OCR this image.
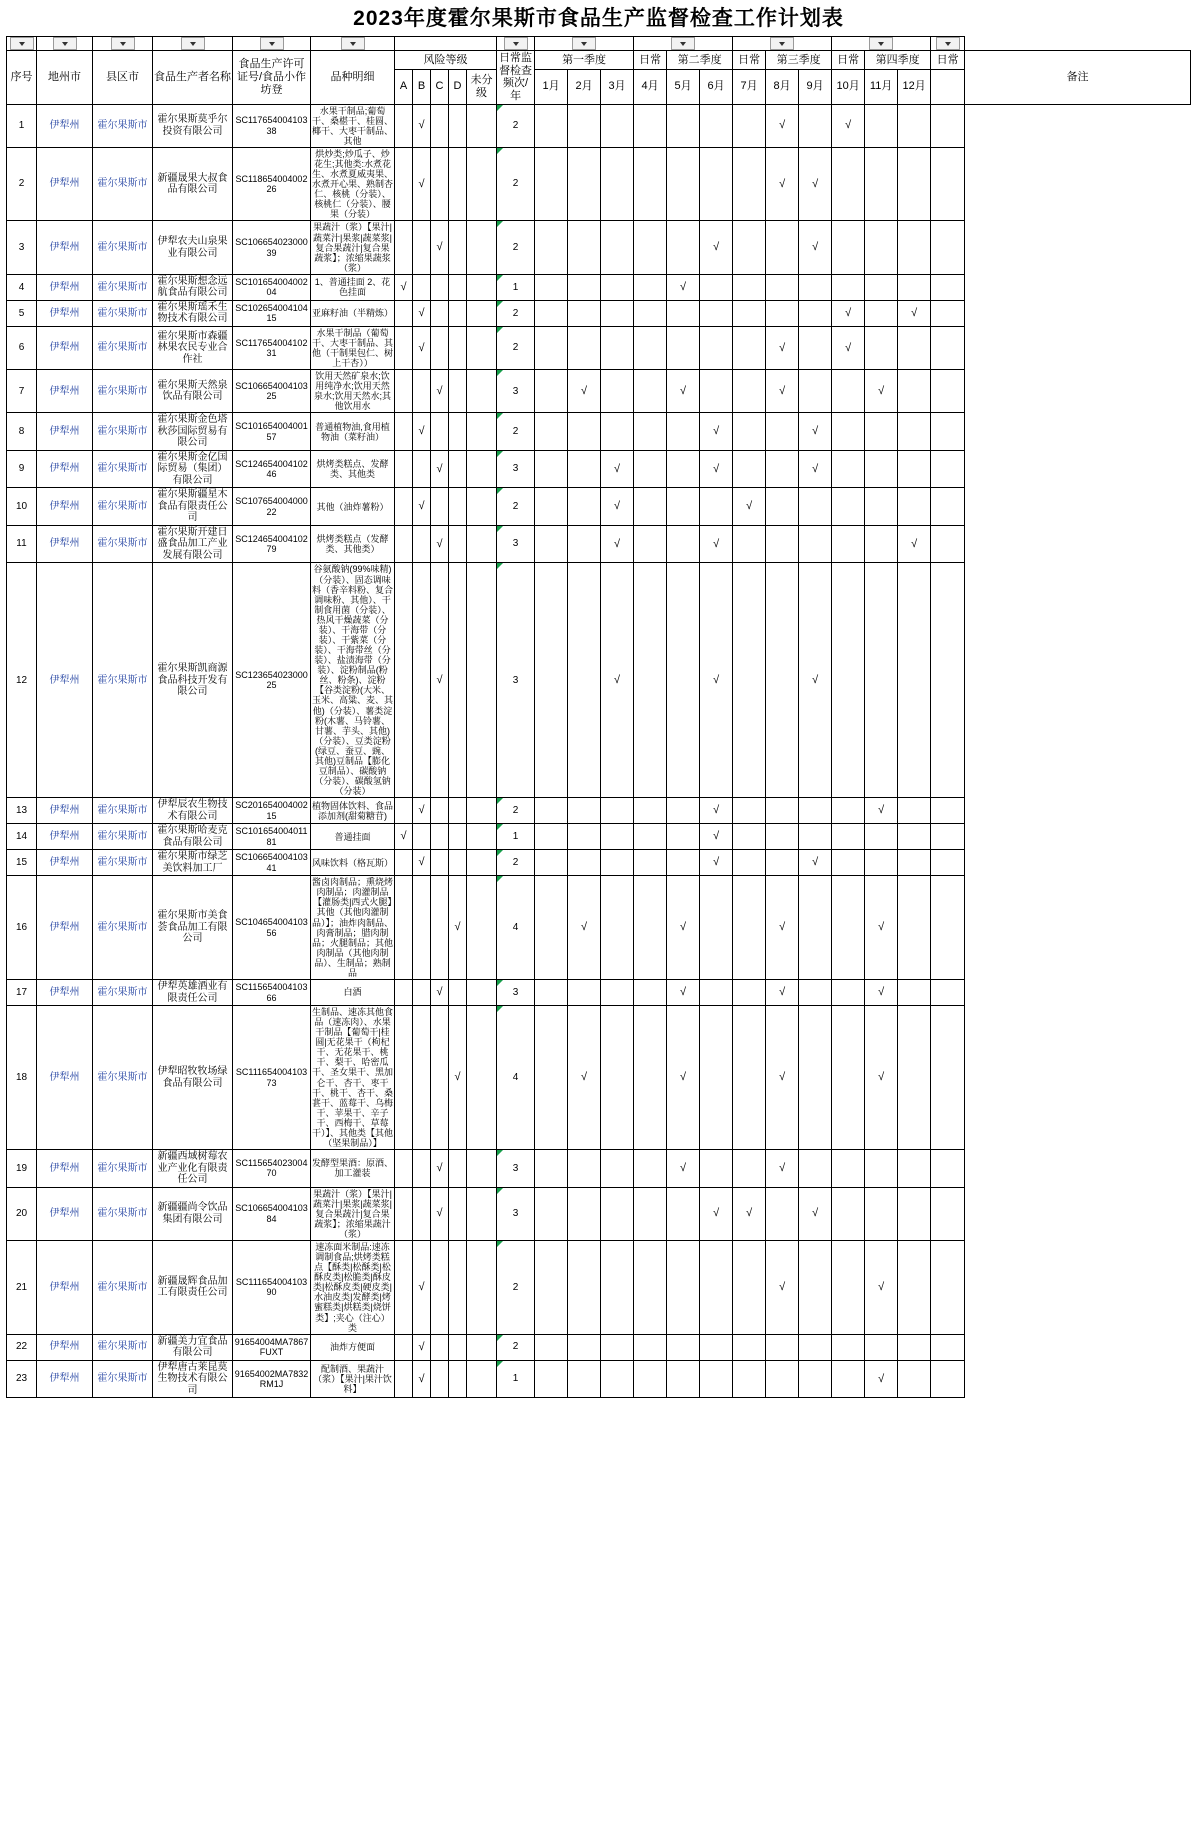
2023年度霍尔果斯市食品生产监督检查工作计划表

序号	地州市	县区市	食品生产者名称	食品生产许可证号/食品小作坊登	品种明细	风险等级					日常监督检查频次/年	第一季度			日常	第二季度		日常	第三季度		日常	第四季度		日常	备注
						A	B	C	D	未分级		1月	2月	3月	4月	5月	6月	7月	8月	9月	10月	11月	12月		
1	伊犁州	霍尔果斯市	霍尔果斯莫乎尔投资有限公司	SC11765400410338	水果干制品;葡萄干、桑椹干、桂圆、椰干、大枣干制品、其他		√				2								√		√				
2	伊犁州	霍尔果斯市	新疆晟果大叔食品有限公司	SC11865400400226	烘炒类;炒瓜子、炒花生;其他类:水煮花生、水煮夏威夷果、水煮开心果、熟制杏仁、核桃（分装）、核桃仁（分装）、腰果（分装）		√				2								√	√					
3	伊犁州	霍尔果斯市	伊犁农夫山泉果业有限公司	SC10665402300039	果蔬汁（浆）【果汁|蔬菜汁|果浆|蔬菜浆|复合果蔬汁|复合果蔬浆】；浓缩果蔬浆（浆）			√			2						√			√					
4	伊犁州	霍尔果斯市	霍尔果斯想念远航食品有限公司	SC10165400400204	1、普通挂面 2、花色挂面	√					1					√									
5	伊犁州	霍尔果斯市	霍尔果斯瑶禾生物技术有限公司	SC10265400410415	亚麻籽油（半精炼）		√				2										√		√		
6	伊犁州	霍尔果斯市	霍尔果斯市森疆林果农民专业合作社	SC11765400410231	水果干制品（葡萄干、大枣干制品、其他（干制果包仁、树上干杏））		√				2								√		√				
7	伊犁州	霍尔果斯市	霍尔果斯天然泉饮品有限公司	SC10665400410325	饮用天然矿泉水;饮用纯净水;饮用天然泉水;饮用天然水;其他饮用水			√			3		√			√			√			√			
8	伊犁州	霍尔果斯市	霍尔果斯金色塔秋莎国际贸易有限公司	SC10165400400157	普通植物油,食用植物油（菜籽油）		√				2						√			√					
9	伊犁州	霍尔果斯市	霍尔果斯金亿国际贸易（集团）有限公司	SC12465400410246	烘烤类糕点、发酵类、其他类			√			3			√			√			√					
10	伊犁州	霍尔果斯市	霍尔果斯疆星木食品有限责任公司	SC10765400400022	其他（油炸薯粉）		√				2			√				√							
11	伊犁州	霍尔果斯市	霍尔果斯开建日盛食品加工产业发展有限公司	SC12465400410279	烘烤类糕点（发酵类、其他类）			√			3			√			√						√		
12	伊犁州	霍尔果斯市	霍尔果斯凯商源食品科技开发有限公司	SC12365402300025	谷氨酸钠(99%味精)（分装）、固态调味料（香辛料粉、复合调味粉、其他）、干制食用菌（分装）、热风干燥蔬菜（分装）、干海带（分装）、干紫菜（分装）、干海带丝（分装）、盐渍海带（分装）、淀粉制品(粉丝、粉条)、淀粉【谷类淀粉(大米、玉米、高粱、麦、其他)（分装）、薯类淀粉(木薯、马铃薯、甘薯、芋头、其他)（分装）、豆类淀粉(绿豆、蚕豆、豌、其他)豆制品【膨化豆制品）、碳酸钠（分装）、碳酸氢钠（分装）			√			3			√			√			√					
13	伊犁州	霍尔果斯市	伊犁辰农生物技术有限公司	SC20165400400215	植物固体饮料、食品添加剂(甜菊糖苷)		√				2						√					√			
14	伊犁州	霍尔果斯市	霍尔果斯哈麦克食品有限公司	SC10165400401181	普通挂面	√					1						√								
15	伊犁州	霍尔果斯市	霍尔果斯市绿芝美饮料加工厂	SC10665400410341	风味饮料（格瓦斯）		√				2						√			√					
16	伊犁州	霍尔果斯市	霍尔果斯市美食荟食品加工有限公司	SC10465400410356	酱卤肉制品；熏烧烤肉制品；肉灌制品【灌肠类|西式火腿】其他（其他肉灌制品）】；油炸肉制品、肉膏制品；腊肉制品；火腿制品；其他肉制品（其他肉制品）、生制品；熟制品				√		4		√			√			√			√			
17	伊犁州	霍尔果斯市	伊犁英雄酒业有限责任公司	SC11565400410366	白酒			√			3					√			√			√			
18	伊犁州	霍尔果斯市	伊犁昭牧牧场绿食品有限公司	SC11165400410373	生制品、速冻其他食品（速冻肉）、水果干制品【葡萄干|桂圆|无花果干（枸杞干、无花果干、桃干、梨干、哈密瓜干、圣女果干、黑加仑干、杏干、枣干干、桃干、杏干、桑葚干、蓝莓干、乌梅干、苹果干、辛子干、西梅干、草莓干）】、其他类【其他（坚果制品）】				√		4		√			√			√			√			
19	伊犁州	霍尔果斯市	新疆西域树莓农业产业化有限责任公司	SC11565402300470	发酵型果酒：原酒、加工灌装			√			3					√			√						
20	伊犁州	霍尔果斯市	新疆疆尚令饮品集团有限公司	SC10665400410384	果蔬汁（浆）【果汁|蔬菜汁|果浆|蔬菜浆|复合果蔬汁|复合果蔬浆】；浓缩果蔬汁（浆）			√			3						√	√		√					
21	伊犁州	霍尔果斯市	新疆晟辉食品加工有限责任公司	SC11165400410390	速冻面米制品:速冻调制食品;烘烤类糕点【酥类|松酥类|松酥皮类|松脆类|酥皮类|松酥皮类|硬皮类|水油皮类|发酵类|烤蜜糕类|烘糕类|烧饼类】;夹心（注心）类		√				2								√			√			
22	伊犁州	霍尔果斯市	新疆美力宜食品有限公司	91654004MA7867FUXT	油炸方便面		√				2														
23	伊犁州	霍尔果斯市	伊犁唐古莱昆莫生物技术有限公司	91654002MA7832RM1J	配制酒、果蔬汁（浆）【果汁|果汁饮料】		√				1											√			
